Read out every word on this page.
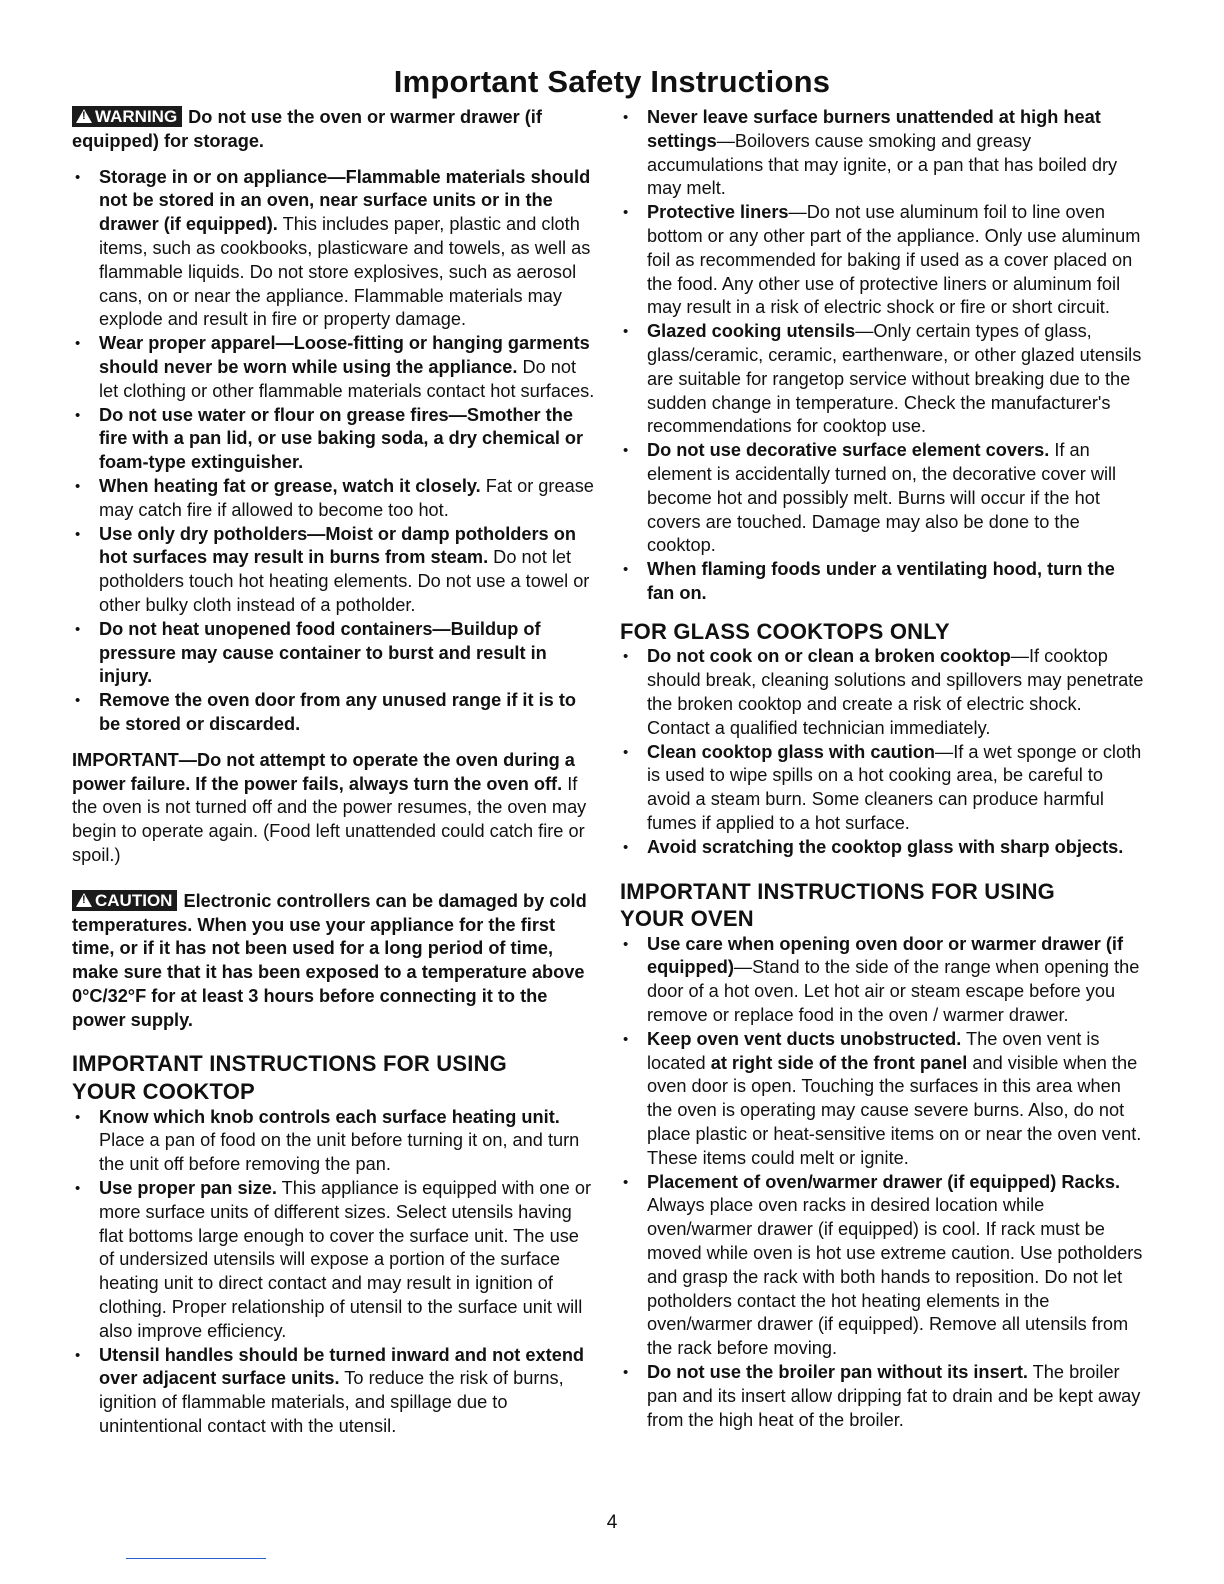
Important Safety Instructions

!WARNING Do not use the oven or warmer drawer (if equipped) for storage.

• Storage in or on appliance—Flammable materials should not be stored in an oven, near surface units or in the drawer (if equipped). This includes paper, plastic and cloth items, such as cookbooks, plasticware and towels, as well as flammable liquids. Do not store explosives, such as aerosol cans, on or near the appliance. Flammable materials may explode and result in fire or property damage.
• Wear proper apparel—Loose-fitting or hanging garments should never be worn while using the appliance. Do not let clothing or other flammable materials contact hot surfaces.
• Do not use water or flour on grease fires—Smother the fire with a pan lid, or use baking soda, a dry chemical or foam-type extinguisher.
• When heating fat or grease, watch it closely. Fat or grease may catch fire if allowed to become too hot.
• Use only dry potholders—Moist or damp potholders on hot surfaces may result in burns from steam. Do not let potholders touch hot heating elements. Do not use a towel or other bulky cloth instead of a potholder.
• Do not heat unopened food containers—Buildup of pressure may cause container to burst and result in injury.
• Remove the oven door from any unused range if it is to be stored or discarded.

IMPORTANT—Do not attempt to operate the oven during a power failure. If the power fails, always turn the oven off. If the oven is not turned off and the power resumes, the oven may begin to operate again. (Food left unattended could catch fire or spoil.)

!CAUTION Electronic controllers can be damaged by cold temperatures. When you use your appliance for the first time, or if it has not been used for a long period of time, make sure that it has been exposed to a temperature above 0°C/32°F for at least 3 hours before connecting it to the power supply.

IMPORTANT INSTRUCTIONS FOR USING YOUR COOKTOP

• Know which knob controls each surface heating unit. Place a pan of food on the unit before turning it on, and turn the unit off before removing the pan.
• Use proper pan size. This appliance is equipped with one or more surface units of different sizes. Select utensils having flat bottoms large enough to cover the surface unit. The use of undersized utensils will expose a portion of the surface heating unit to direct contact and may result in ignition of clothing. Proper relationship of utensil to the surface unit will also improve efficiency.
• Utensil handles should be turned inward and not extend over adjacent surface units. To reduce the risk of burns, ignition of flammable materials, and spillage due to unintentional contact with the utensil.
• Never leave surface burners unattended at high heat settings—Boilovers cause smoking and greasy accumulations that may ignite, or a pan that has boiled dry may melt.
• Protective liners—Do not use aluminum foil to line oven bottom or any other part of the appliance. Only use aluminum foil as recommended for baking if used as a cover placed on the food. Any other use of protective liners or aluminum foil may result in a risk of electric shock or fire or short circuit.
• Glazed cooking utensils—Only certain types of glass, glass/ceramic, ceramic, earthenware, or other glazed utensils are suitable for rangetop service without breaking due to the sudden change in temperature. Check the manufacturer's recommendations for cooktop use.
• Do not use decorative surface element covers. If an element is accidentally turned on, the decorative cover will become hot and possibly melt. Burns will occur if the hot covers are touched. Damage may also be done to the cooktop.
• When flaming foods under a ventilating hood, turn the fan on.

FOR GLASS COOKTOPS ONLY

• Do not cook on or clean a broken cooktop—If cooktop should break, cleaning solutions and spillovers may penetrate the broken cooktop and create a risk of electric shock. Contact a qualified technician immediately.
• Clean cooktop glass with caution—If a wet sponge or cloth is used to wipe spills on a hot cooking area, be careful to avoid a steam burn. Some cleaners can produce harmful fumes if applied to a hot surface.
• Avoid scratching the cooktop glass with sharp objects.

IMPORTANT INSTRUCTIONS FOR USING YOUR OVEN

• Use care when opening oven door or warmer drawer (if equipped)—Stand to the side of the range when opening the door of a hot oven. Let hot air or steam escape before you remove or replace food in the oven / warmer drawer.
• Keep oven vent ducts unobstructed. The oven vent is located at right side of the front panel and visible when the oven door is open. Touching the surfaces in this area when the oven is operating may cause severe burns. Also, do not place plastic or heat-sensitive items on or near the oven vent. These items could melt or ignite.
• Placement of oven/warmer drawer (if equipped) Racks. Always place oven racks in desired location while oven/warmer drawer (if equipped) is cool. If rack must be moved while oven is hot use extreme caution. Use potholders and grasp the rack with both hands to reposition. Do not let potholders contact the hot heating elements in the oven/warmer drawer (if equipped). Remove all utensils from the rack before moving.
• Do not use the broiler pan without its insert. The broiler pan and its insert allow dripping fat to drain and be kept away from the high heat of the broiler.
4
